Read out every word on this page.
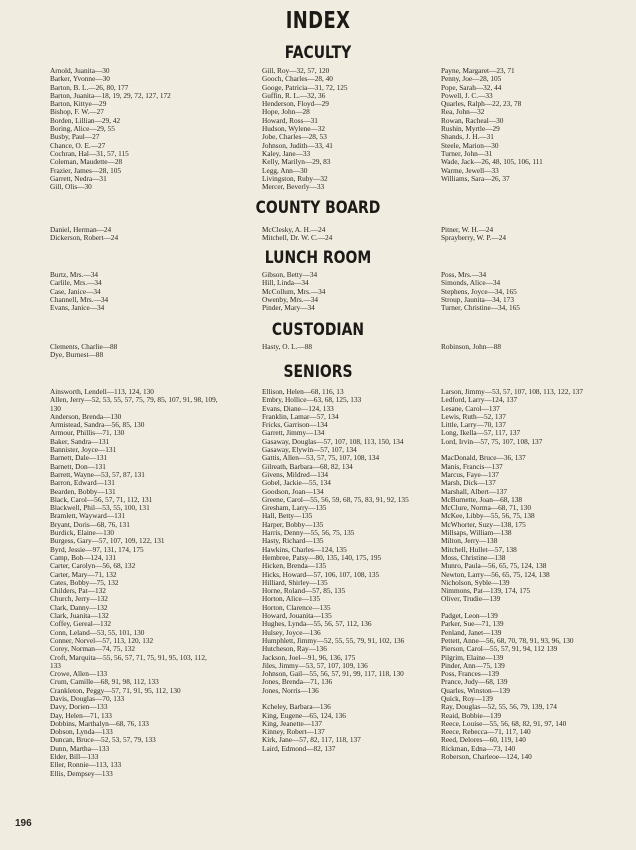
INDEX
FACULTY
Arnold, Juanita—30
Barker, Yvonne—30
Barton, B. L.—26, 80, 177
Barton, Juanita—18, 19, 29, 72, 127, 172
Barton, Kittye—29
Bishop, F. W.—27
Borden, Lillian—29, 42
Boring, Alice—29, 55
Busby, Paul—27
Chance, O. E.—27
Cochran, Hal—31, 57, 115
Coleman, Maudette—28
Frazier, James—28, 105
Garrett, Nedra—31
Gill, Olis—30
Gill, Roy—32, 57, 120
Gooch, Charles—28, 40
Googe, Patricia—31, 72, 125
Guffin, R. L.—32, 36
Henderson, Floyd—29
Hope, John—28
Howard, Ross—31
Hudson, Wylene—32
Jobe, Charles—28, 53
Johnson, Judith—33, 41
Kaley, Jane—33
Kelly, Marilyn—29, 83
Legg, Ann—30
Livingston, Ruby—32
Mercer, Beverly—33
Payne, Margaret—23, 71
Penny, Joe—28, 105
Pope, Sarah—32, 44
Powell, J. C.—33
Quarles, Ralph—22, 23, 78
Rea, John—32
Rowan, Racheal—30
Rushin, Myrtle—29
Shands, J. H.—31
Steele, Marion—30
Turner, John—31
Wade, Jack—26, 48, 105, 106, 111
Warme, Jewell—33
Williams, Sara—26, 37
COUNTY BOARD
Daniel, Herman—24
Dickerson, Robert—24
McClesky, A. H.—24
Mitchell, Dr. W. C.—24
Pitner, W. H.—24
Sprayberry, W. P.—24
LUNCH ROOM
Burtz, Mrs.—34
Carlile, Mrs.—34
Case, Janice—34
Channell, Mrs.—34
Evans, Janice—34
Gibson, Betty—34
Hill, Linda—34
McCollum, Mrs.—34
Owenby, Mrs.—34
Pinder, Mary—34
Poss, Mrs.—34
Simonds, Alice—34
Stephens, Joyce—34, 165
Stroup, Jaunita—34, 173
Turner, Christine—34, 165
CUSTODIAN
Clements, Charlie—88
Dye, Burnest—88
Hasty, O. L.—88	Robinson, John—88
SENIORS
Ainsworth, Lendell—113, 124, 130
Allen, Jerry—52, 53, 55, 57, 75, 79, 85, 107, 91, 98, 109, 130
Anderson, Brenda—130
Armistead, Sandra—56, 85, 130
Armour, Phillis—71, 130
Baker, Sandra—131
Bannister, Joyce—131
Barnett, Dale—131
Barnett, Don—131
Barrett, Wayne—53, 57, 87, 131
Barron, Edward—131
Bearden, Bobby—131
Black, Carol—56, 57, 71, 112, 131
Blackwell, Phil—53, 55, 100, 131
Bramlett, Wayward—131
Bryant, Doris—68, 76, 131
Burdick, Elaine—130
Burgess, Gary—57, 107, 109, 122, 131
Byrd, Jessie—97, 131, 174, 175
Camp, Bob—124, 131
Carter, Carolyn—56, 68, 132
Carter, Mary—71, 132
Cates, Bobby—75, 132
Childers, Pat—132
Church, Jerry—132
Clark, Danny—132
Clark, Juanita—132
Coffey, Gereal—132
Conn, Leland—53, 55, 101, 130
Conner, Norvel—57, 113, 120, 132
Corey, Norman—74, 75, 132
Croft, Marquita—55, 56, 57, 71, 75, 91, 95, 103, 112, 133
Crowe, Allen—133
Crum, Camille—68, 91, 98, 112, 133
Crankleton, Peggy—57, 71, 91, 95, 112, 130
Davis, Douglas—70, 133
Davy, Dorien—133
Day, Helen—71, 133
Dobbins, Marthalyn—68, 76, 133
Dobson, Lynda—133
Duncan, Bruce—52, 53, 57, 79, 133
Dunn, Martha—133
Elder, Bill—133
Eller, Ronnie—113, 133
Ellis, Dempsey—133
Ellison, Helen—68, 116, 13
Embry, Hollice—63, 68, 125, 133
Evans, Diane—124, 133
Franklin, Lamar—57, 134
Fricks, Garrison—134
Garrett, Jimmy—134
Gasaway, Douglas—57, 107, 108, 113, 150, 134
Gasaway, Elywin—57, 107, 134
Gattis, Allen—53, 57, 75, 107, 108, 134
Gilreath, Barbara—68, 82, 134
Givens, Mildred—134
Gobel, Jackie—55, 134
Goodson, Joan—134
Greene, Carol—55, 56, 59, 68, 75, 83, 91, 92, 135
Gresham, Larry—135
Hall, Betty—135
Harper, Bobby—135
Harris, Denny—55, 56, 75, 135
Hasty, Richard—135
Hawkins, Charles—124, 135
Hembree, Patsy—80, 135, 140, 175, 195
Hicken, Brenda—135
Hicks, Howard—57, 106, 107, 108, 135
Hilliard, Shirley—135
Horne, Roland—57, 85, 135
Horton, Alice—135
Horton, Clarence—135
Howard, Jouanita—135
Hughes, Lynda—55, 56, 57, 112, 136
Hulsey, Joyce—136
Humphlett, Jimmy—52, 55, 55, 79, 91, 102, 136
Hutcheson, Ray—136
Jackson, Joel—91, 96, 136, 175
Jiles, Jimmy—53, 57, 107, 109, 136
Johnson, Gail—55, 56, 57, 91, 99, 117, 118, 130
Jones, Brenda—71, 136
Jones, Norris—136
Kcheley, Barbara—136
King, Eugene—65, 124, 136
King, Jeanette—137
Kinney, Robert—137
Kirk, Jane—57, 82, 117, 118, 137
Laird, Edmond—82, 137
Larson, Jimmy—53, 57, 107, 108, 113, 122, 137
Ledford, Larry—124, 137
Lesane, Carol—137
Lewis, Ruth—52, 137
Little, Larry—70, 137
Long, Ikella—57, 117, 137
Lord, Irvin—57, 75, 107, 108, 137
MacDonald, Bruce—36, 137
Manis, Francis—137
Marcus, Faye—137
Marsh, Dick—137
Marshall, Albert—137
McBurnette, Joan—68, 138
McClure, Norma—68, 71, 130
McKee, Libby—55, 56, 75, 138
McWhorter, Suzy—138, 175
Millsaps, William—138
Milton, Jerry—138
Mitchell, Hullet—57, 138
Moss, Christine—138
Munro, Paula—56, 65, 75, 124, 138
Newton, Larry—56, 65, 75, 124, 138
Nicholson, Syble—139
Nimmons, Pat—139, 174, 175
Oliver, Trudie—139
Padget, Leon—139
Parker, Sue—71, 139
Penland, Janet—139
Pettett, Anne—56, 68, 70, 78, 91, 93, 96, 130
Pierson, Carol—55, 57, 91, 94, 112 139
Pilgrim, Elaine—139
Pinder, Ann—75, 139
Poss, Frances—139
Prance, Judy—68, 139
Quarles, Winston—139
Quick, Roy—139
Ray, Douglas—52, 55, 56, 79, 139, 174
Reaid, Bobbie—139
Reece, Louise—55, 56, 68, 82, 91, 97, 140
Reece, Rebecca—71, 117, 140
Reed, Delores—60, 119, 140
Rickman, Edna—73, 140
Roberson, Charleoe—124, 140
196
